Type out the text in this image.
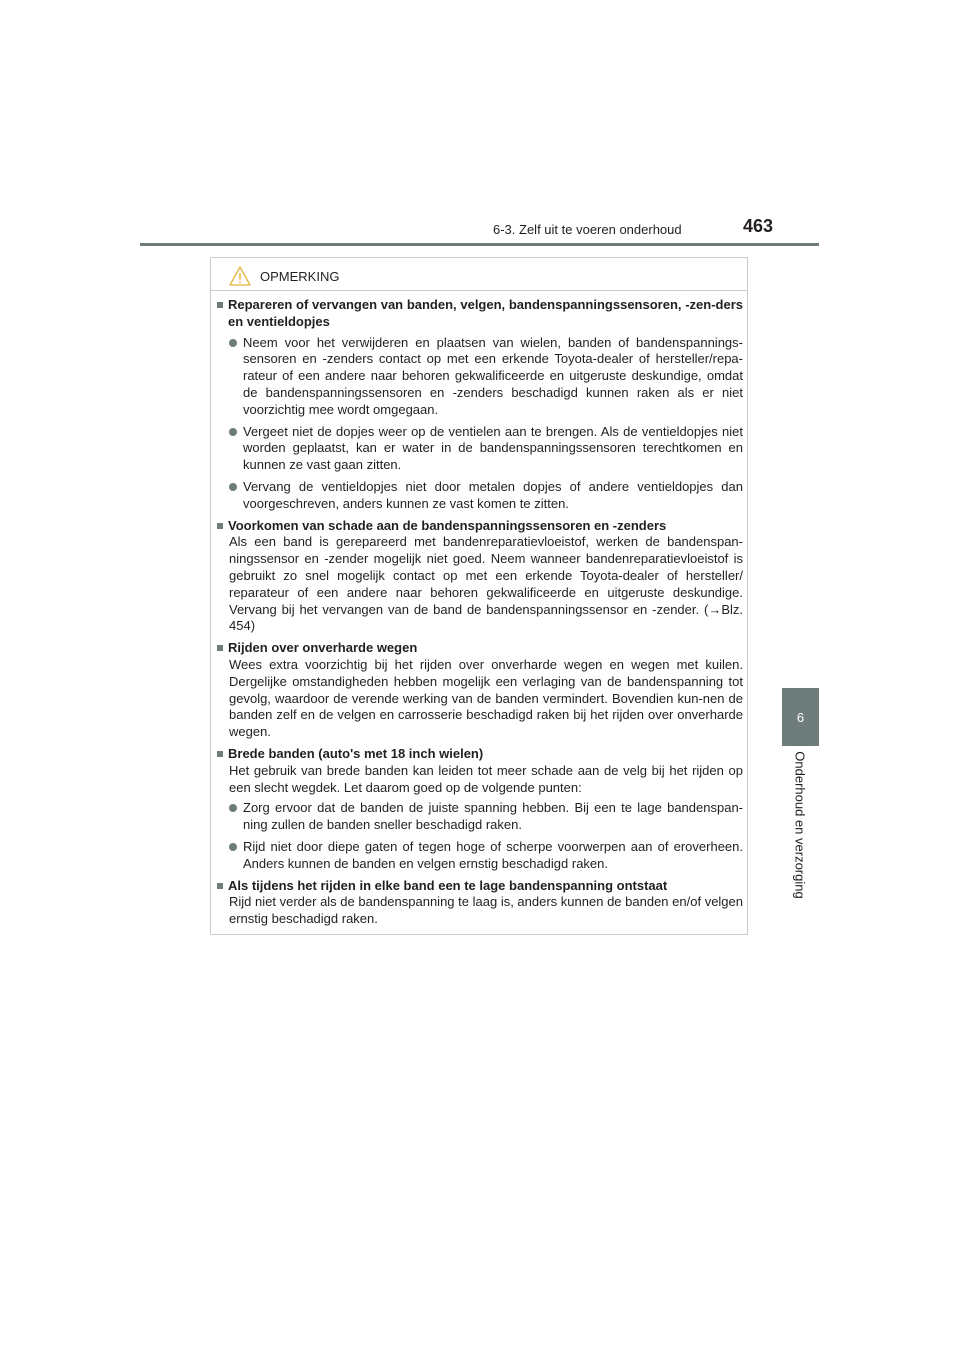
6-3. Zelf uit te voeren onderhoud	463
6
Onderhoud en verzorging
OPMERKING
Repareren of vervangen van banden, velgen, bandenspanningssensoren, -zen-ders en ventieldopjes
Neem voor het verwijderen en plaatsen van wielen, banden of bandenspannings-sensoren en -zenders contact op met een erkende Toyota-dealer of hersteller/repa-rateur of een andere naar behoren gekwalificeerde en uitgeruste deskundige, omdat de bandenspanningssensoren en -zenders beschadigd kunnen raken als er niet voorzichtig mee wordt omgegaan.
Vergeet niet de dopjes weer op de ventielen aan te brengen. Als de ventieldopjes niet worden geplaatst, kan er water in de bandenspanningssensoren terechtkomen en kunnen ze vast gaan zitten.
Vervang de ventieldopjes niet door metalen dopjes of andere ventieldopjes dan voorgeschreven, anders kunnen ze vast komen te zitten.
Voorkomen van schade aan de bandenspanningssensoren en -zenders
Als een band is gerepareerd met bandenreparatievloeistof, werken de bandenspan-ningssensor en -zender mogelijk niet goed. Neem wanneer bandenreparatievloeistof is gebruikt zo snel mogelijk contact op met een erkende Toyota-dealer of hersteller/ reparateur of een andere naar behoren gekwalificeerde en uitgeruste deskundige. Vervang bij het vervangen van de band de bandenspanningssensor en -zender. (→Blz. 454)
Rijden over onverharde wegen
Wees extra voorzichtig bij het rijden over onverharde wegen en wegen met kuilen. Dergelijke omstandigheden hebben mogelijk een verlaging van de bandenspanning tot gevolg, waardoor de verende werking van de banden vermindert. Bovendien kun-nen de banden zelf en de velgen en carrosserie beschadigd raken bij het rijden over onverharde wegen.
Brede banden (auto's met 18 inch wielen)
Het gebruik van brede banden kan leiden tot meer schade aan de velg bij het rijden op een slecht wegdek. Let daarom goed op de volgende punten:
Zorg ervoor dat de banden de juiste spanning hebben. Bij een te lage bandenspan-ning zullen de banden sneller beschadigd raken.
Rijd niet door diepe gaten of tegen hoge of scherpe voorwerpen aan of eroverheen. Anders kunnen de banden en velgen ernstig beschadigd raken.
Als tijdens het rijden in elke band een te lage bandenspanning ontstaat
Rijd niet verder als de bandenspanning te laag is, anders kunnen de banden en/of velgen ernstig beschadigd raken.
